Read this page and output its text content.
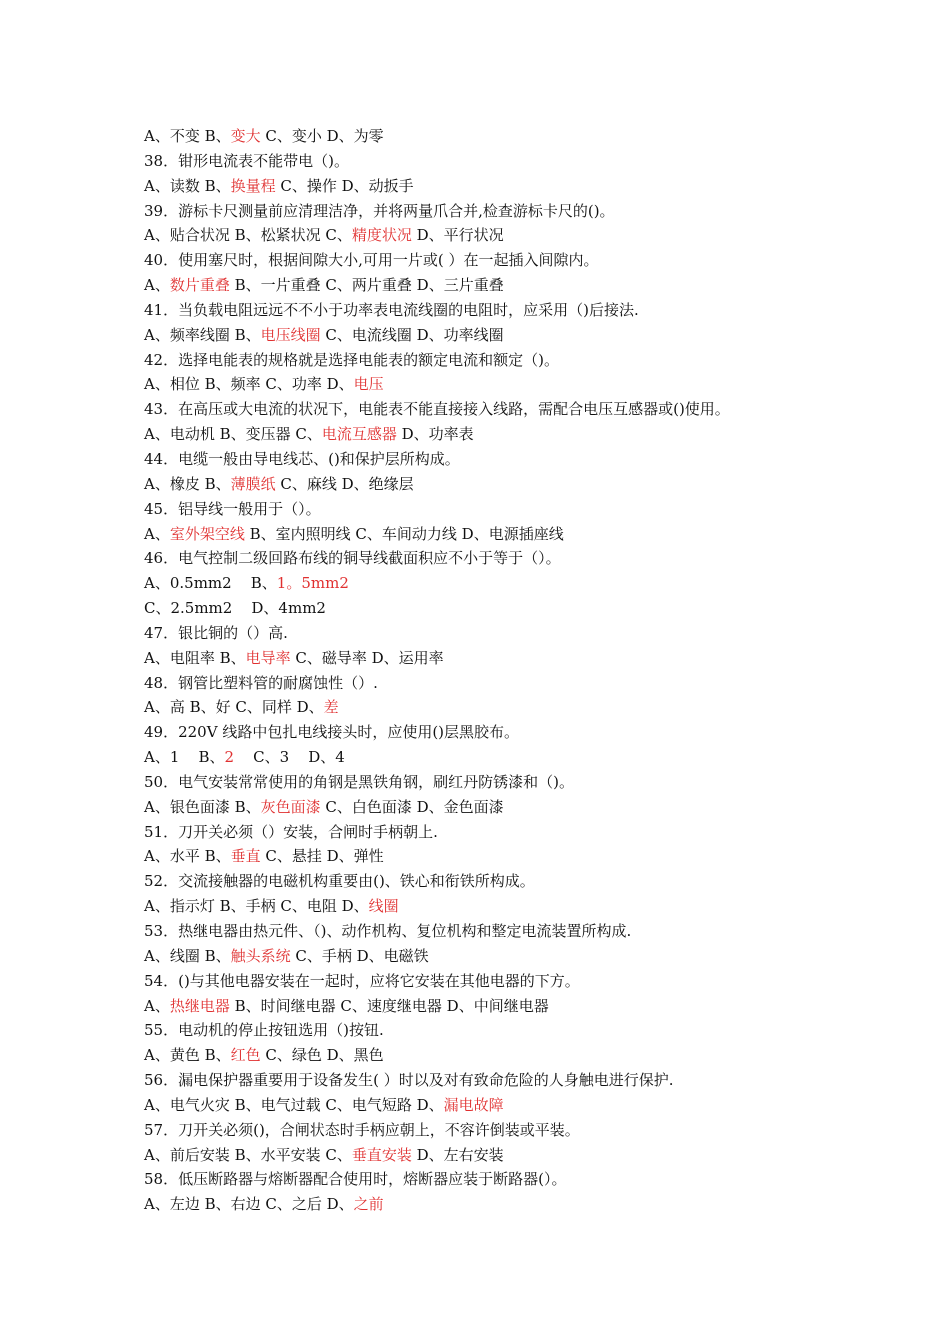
A、不变 B、变大 C、变小 D、为零
38．钳形电流表不能带电（)。
A、读数 B、换量程 C、操作 D、动扳手
39．游标卡尺测量前应清理洁净，并将两量爪合并,检查游标卡尺的()。
A、贴合状况 B、松紧状况 C、精度状况 D、平行状况
40．使用塞尺时，根据间隙大小,可用一片或( ）在一起插入间隙内。
A、数片重叠 B、一片重叠 C、两片重叠 D、三片重叠
41．当负载电阻远远不不小于功率表电流线圈的电阻时，应采用（)后接法.
A、频率线圈 B、电压线圈 C、电流线圈 D、功率线圈
42．选择电能表的规格就是选择电能表的额定电流和额定（)。
A、相位 B、频率 C、功率 D、电压
43．在高压或大电流的状况下，电能表不能直接接入线路，需配合电压互感器或()使用。
A、电动机 B、变压器 C、电流互感器 D、功率表
44．电缆一般由导电线芯、()和保护层所构成。
A、橡皮 B、薄膜纸 C、麻线 D、绝缘层
45．铝导线一般用于（）。
A、室外架空线 B、室内照明线 C、车间动力线 D、电源插座线
46．电气控制二级回路布线的铜导线截面积应不小于等于（）。
A、0.5mm2    B、1。5mm2
C、2.5mm2    D、4mm2
47．银比铜的（）高.
A、电阻率 B、电导率 C、磁导率 D、运用率
48．钢管比塑料管的耐腐蚀性（）.
A、高 B、好 C、同样 D、差
49．220V 线路中包扎电线接头时，应使用()层黑胶布。
A、1    B、2    C、3    D、4
50．电气安装常常使用的角钢是黑铁角钢，刷红丹防锈漆和（)。
A、银色面漆 B、灰色面漆 C、白色面漆 D、金色面漆
51．刀开关必须（）安装，合闸时手柄朝上.
A、水平 B、垂直 C、悬挂 D、弹性
52．交流接触器的电磁机构重要由()、铁心和衔铁所构成。
A、指示灯 B、手柄 C、电阻 D、线圈
53．热继电器由热元件、（)、动作机构、复位机构和整定电流装置所构成.
A、线圈 B、触头系统 C、手柄 D、电磁铁
54．()与其他电器安装在一起时，应将它安装在其他电器的下方。
A、热继电器 B、时间继电器 C、速度继电器 D、中间继电器
55．电动机的停止按钮选用（)按钮.
A、黄色 B、红色 C、绿色 D、黑色
56．漏电保护器重要用于设备发生( ）时以及对有致命危险的人身触电进行保护.
A、电气火灾 B、电气过载 C、电气短路 D、漏电故障
57．刀开关必须()，合闸状态时手柄应朝上，不容许倒装或平装。
A、前后安装 B、水平安装 C、垂直安装 D、左右安装
58．低压断路器与熔断器配合使用时，熔断器应装于断路器(）。
A、左边 B、右边 C、之后 D、之前
